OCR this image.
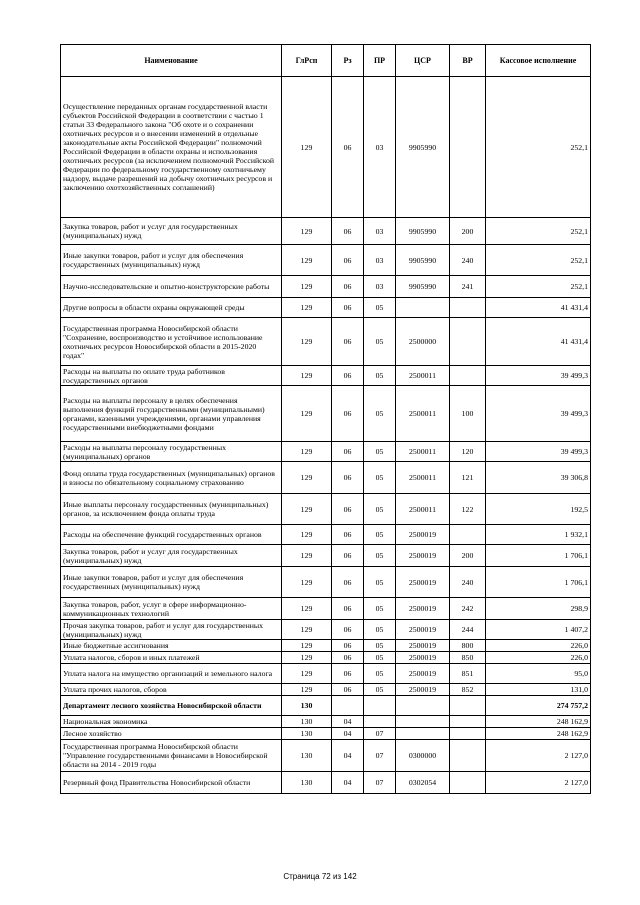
Наименование	ГлРсп	Рз	ПР	ЦСР	ВР	Кассовое исполнение
Осуществление переданных органам государственной власти субъектов Российской Федерации в соответствии с частью 1 статьи 33 Федерального закона "Об охоте и о сохранении охотничьих ресурсов и о внесении изменений в отдельные законодательные акты Российской Федерации" полномочий Российской Федерации в области охраны и использования охотничьих ресурсов (за исключением полномочий Российской Федерации по федеральному государственному охотничьему надзору, выдаче разрешений на добычу охотничьих ресурсов и заключению охотхозяйственных соглашений)	129	06	03	9905990		252,1
Закупка товаров, работ и услуг для государственных (муниципальных) нужд	129	06	03	9905990	200	252,1
Иные закупки товаров, работ и услуг для обеспечения государственных (муниципальных) нужд	129	06	03	9905990	240	252,1
Научно-исследовательские и опытно-конструкторские работы	129	06	03	9905990	241	252,1
Другие вопросы в области охраны окружающей среды	129	06	05			41 431,4
Государственная программа Новосибирской области "Сохранение, воспроизводство и устойчивое использование охотничьих ресурсов Новосибирской области в 2015-2020 годах"	129	06	05	2500000		41 431,4
Расходы на выплаты по оплате труда работников государственных органов	129	06	05	2500011		39 499,3
Расходы на выплаты персоналу в целях обеспечения выполнения функций государственными (муниципальными) органами, казенными учреждениями, органами управления государственными внебюджетными фондами	129	06	05	2500011	100	39 499,3
Расходы на выплаты персоналу государственных (муниципальных) органов	129	06	05	2500011	120	39 499,3
Фонд оплаты труда государственных (муниципальных) органов и взносы по обязательному социальному страхованию	129	06	05	2500011	121	39 306,8
Иные выплаты персоналу государственных (муниципальных) органов, за исключением фонда оплаты труда	129	06	05	2500011	122	192,5
Расходы на обеспечение функций государственных органов	129	06	05	2500019		1 932,1
Закупка товаров, работ и услуг для государственных (муниципальных) нужд	129	06	05	2500019	200	1 706,1
Иные закупки товаров, работ и услуг для обеспечения государственных (муниципальных) нужд	129	06	05	2500019	240	1 706,1
Закупка товаров, работ, услуг в сфере информационно-коммуникационных технологий	129	06	05	2500019	242	298,9
Прочая закупка товаров, работ и услуг для государственных (муниципальных) нужд	129	06	05	2500019	244	1 407,2
Иные бюджетные ассигнования	129	06	05	2500019	800	226,0
Уплата налогов, сборов и иных платежей	129	06	05	2500019	850	226,0
Уплата налога на имущество организаций и земельного налога	129	06	05	2500019	851	95,0
Уплата прочих налогов, сборов	129	06	05	2500019	852	131,0
Департамент лесного хозяйства Новосибирской области	130					274 757,2
Национальная экономика	130	04				248 162,9
Лесное хозяйство	130	04	07			248 162,9
Государственная программа Новосибирской области "Управление государственными финансами в Новосибирской области на 2014 - 2019 годы	130	04	07	0300000		2 127,0
Резервный фонд Правительства Новосибирской области	130	04	07	0302054		2 127,0
Страница 72 из 142
